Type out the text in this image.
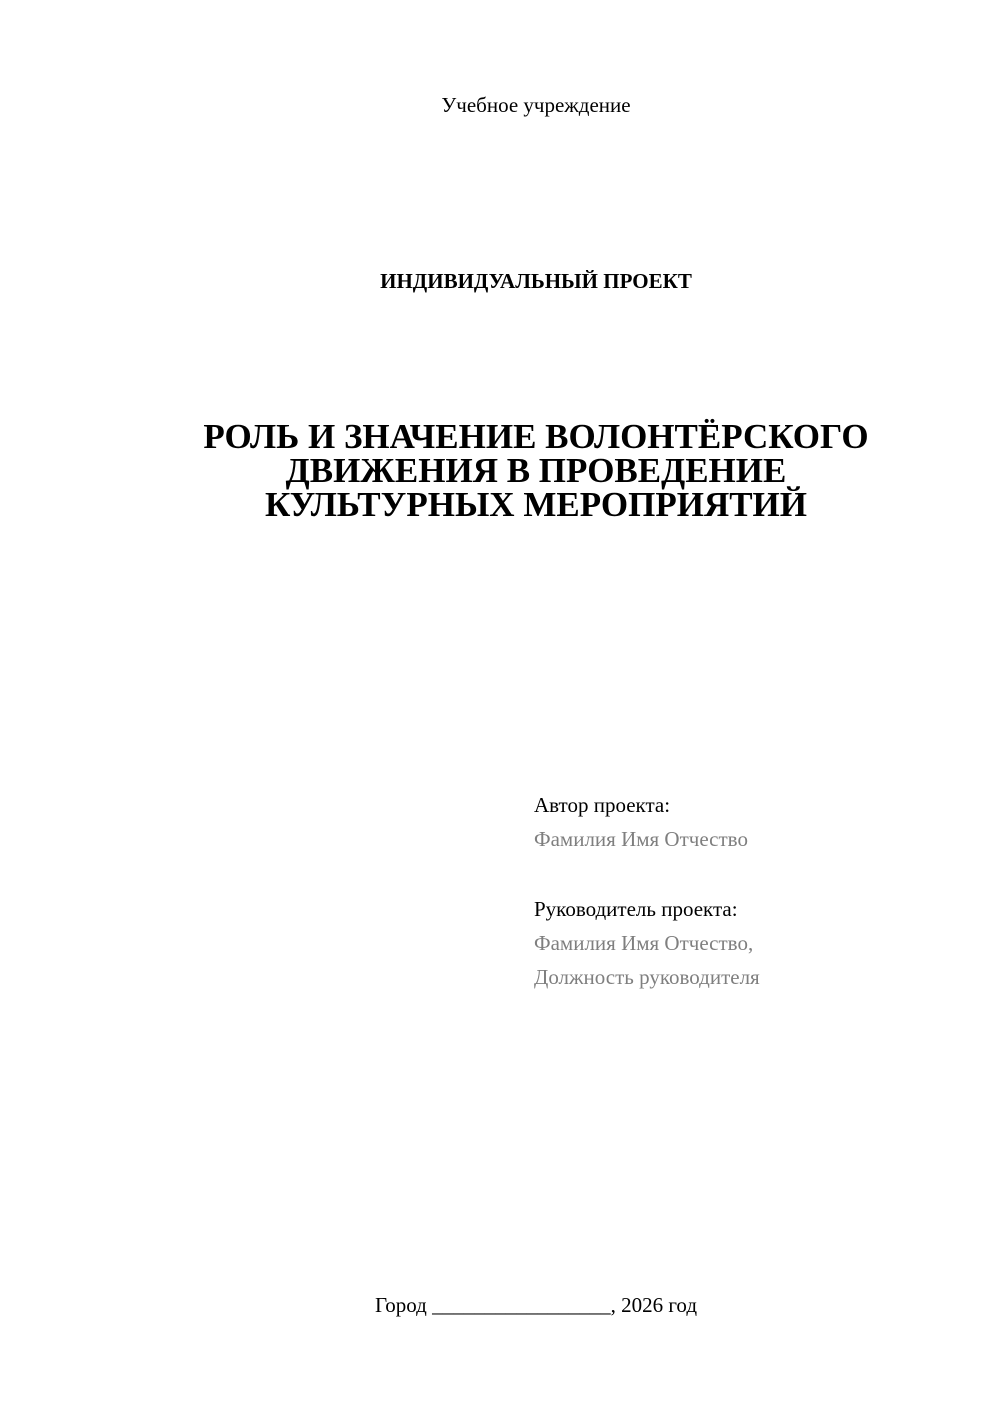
Учебное учреждение
ИНДИВИДУАЛЬНЫЙ ПРОЕКТ
РОЛЬ И ЗНАЧЕНИЕ ВОЛОНТЁРСКОГО
ДВИЖЕНИЯ В ПРОВЕДЕНИЕ
КУЛЬТУРНЫХ МЕРОПРИЯТИЙ
Автор проекта:
Фамилия Имя Отчество
Руководитель проекта:
Фамилия Имя Отчество,
Должность руководителя
Город _________________, 2026 год
